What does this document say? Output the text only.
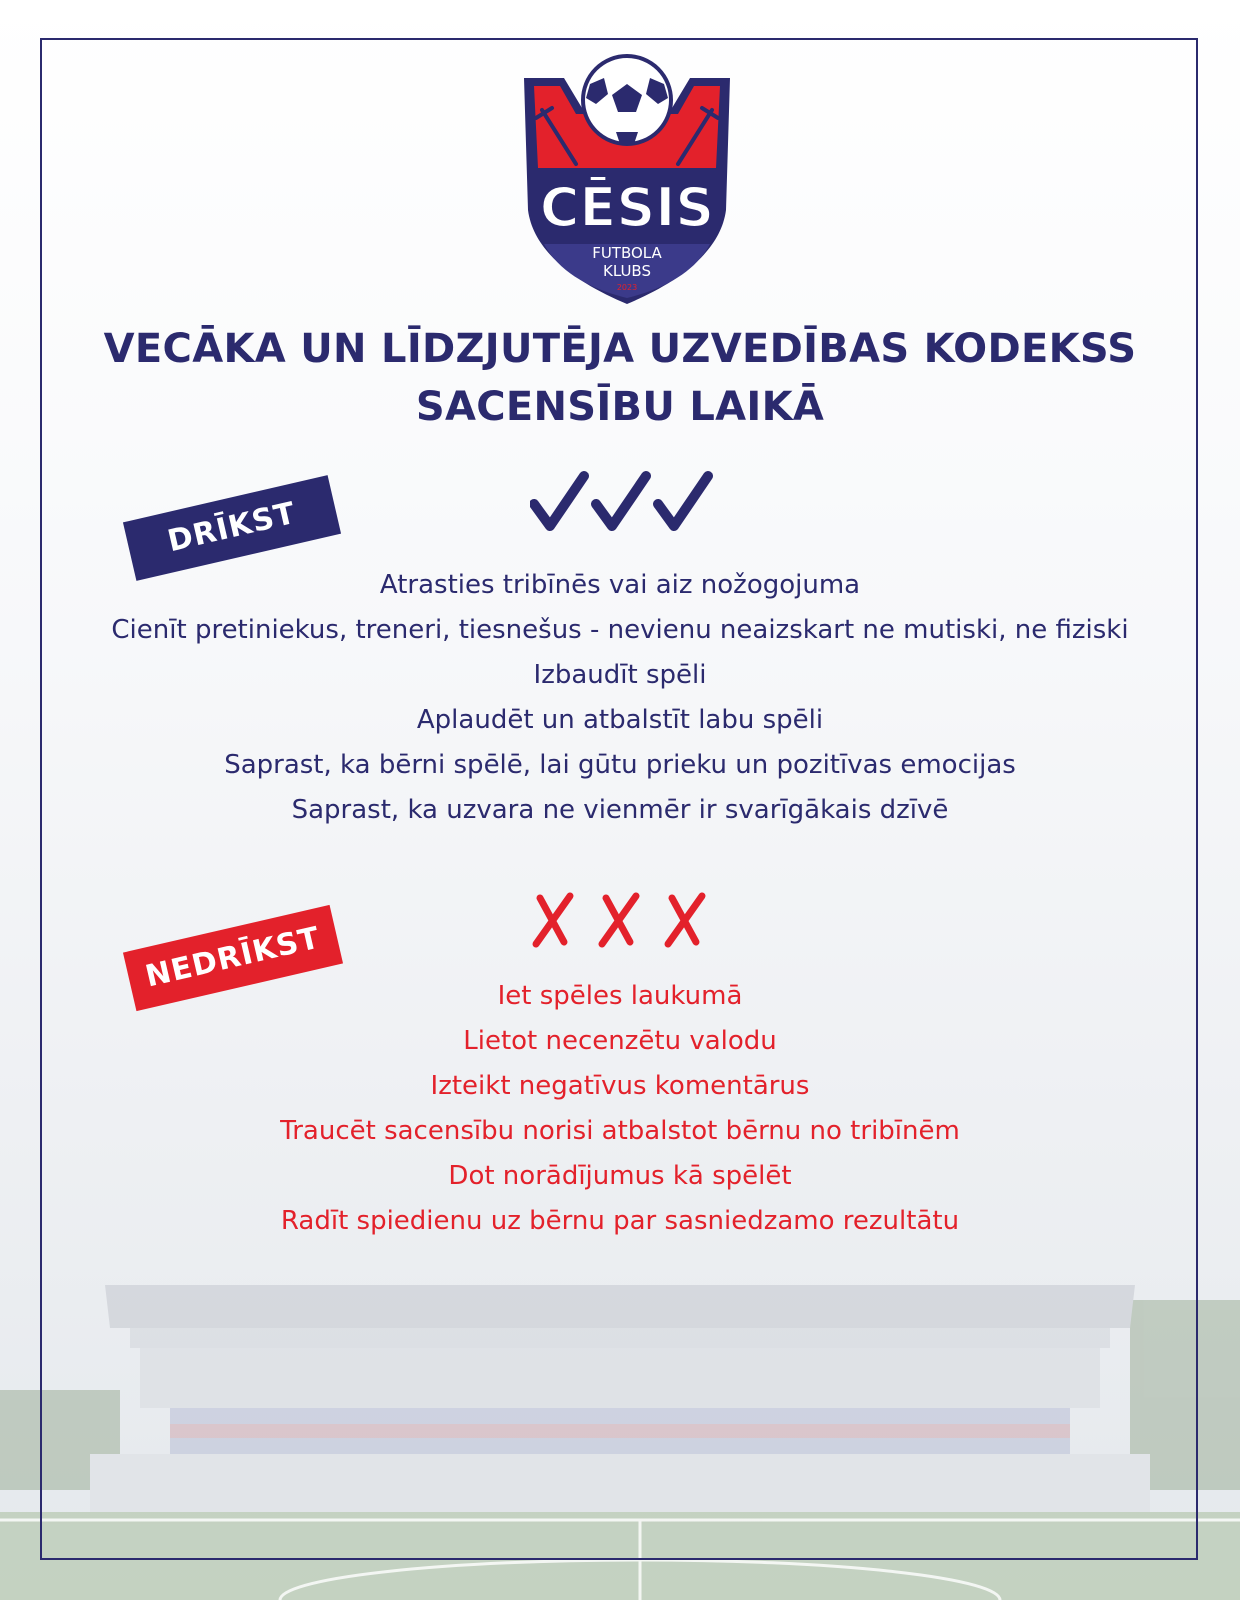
CĒSIS
FUTBOLA
KLUBS
2023
VECĀKA UN LĪDZJUTĒJA UZVEDĪBAS KODEKSS
SACENSĪBU LAIKĀ
DRĪKST
Atrasties tribīnēs vai aiz nožogojuma
Cienīt pretiniekus, treneri, tiesnešus - nevienu neaizskart ne mutiski, ne fiziski
Izbaudīt spēli
Aplaudēt un atbalstīt labu spēli
Saprast, ka bērni spēlē, lai gūtu prieku un pozitīvas emocijas
Saprast, ka uzvara ne vienmēr ir svarīgākais dzīvē
NEDRĪKST
Iet spēles laukumā
Lietot necenzētu valodu
Izteikt negatīvus komentārus
Traucēt sacensību norisi atbalstot bērnu no tribīnēm
Dot norādījumus kā spēlēt
Radīt spiedienu uz bērnu par sasniedzamo rezultātu
